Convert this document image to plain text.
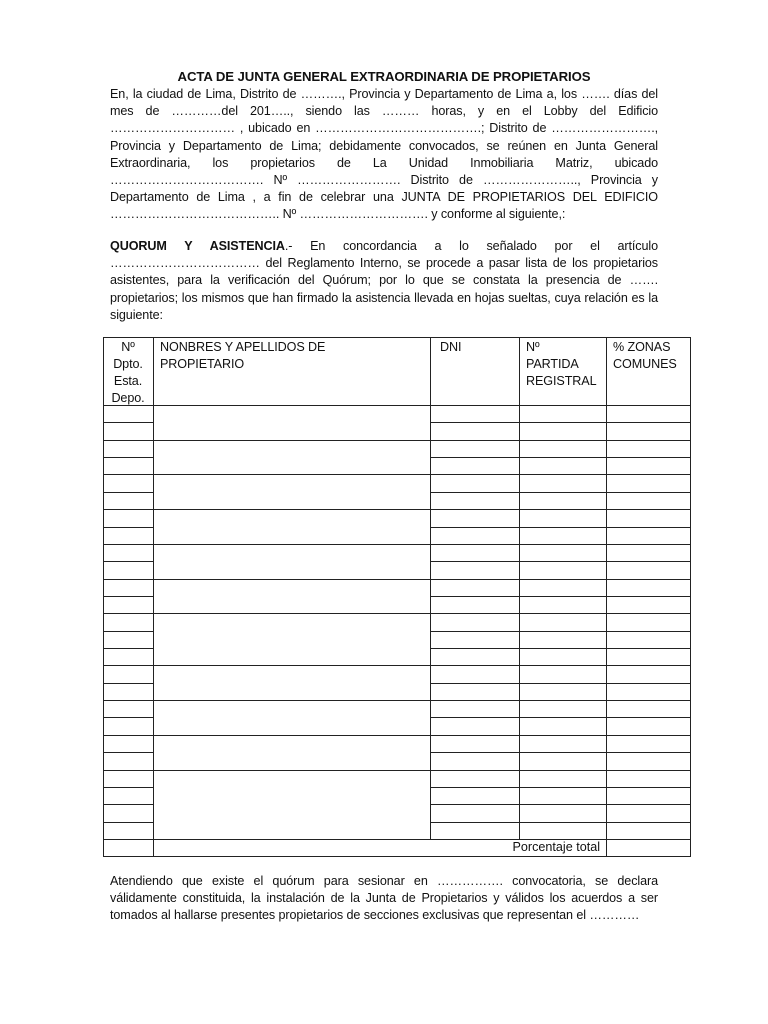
ACTA DE JUNTA GENERAL EXTRAORDINARIA DE PROPIETARIOS
En, la ciudad de Lima, Distrito de ………., Provincia y Departamento de Lima a, los ……. días del mes de …………del 201….., siendo las ……… horas, y en el Lobby del Edificio ………………………… , ubicado en ………………………………….; Distrito de ……………………., Provincia y Departamento de Lima; debidamente convocados, se reúnen en Junta General Extraordinaria, los propietarios de La Unidad Inmobiliaria Matriz, ubicado ………………………………. Nº ……………………. Distrito de ………………….., Provincia y Departamento de Lima , a fin de celebrar una JUNTA DE PROPIETARIOS DEL EDIFICIO ………………………………….. Nº …………………………. y conforme al siguiente,:
QUORUM Y ASISTENCIA.- En concordancia a lo señalado por el artículo ……………………………… del Reglamento Interno, se procede a pasar lista de los propietarios asistentes, para la verificación del Quórum; por lo que se constata la presencia de ……. propietarios; los mismos que han firmado la asistencia llevada en hojas sueltas, cuya relación es la siguiente:
Nº
Dpto.
Esta.
Depo.
NONBRES Y APELLIDOS DE
PROPIETARIO
DNI	Nº
PARTIDA
REGISTRAL
% ZONAS
COMUNES
Porcentaje total
Atendiendo que existe el quórum para sesionar en ……………. convocatoria, se declara válidamente constituida, la instalación de la Junta de Propietarios y válidos los acuerdos a ser tomados al hallarse presentes propietarios de secciones exclusivas que representan el …………
